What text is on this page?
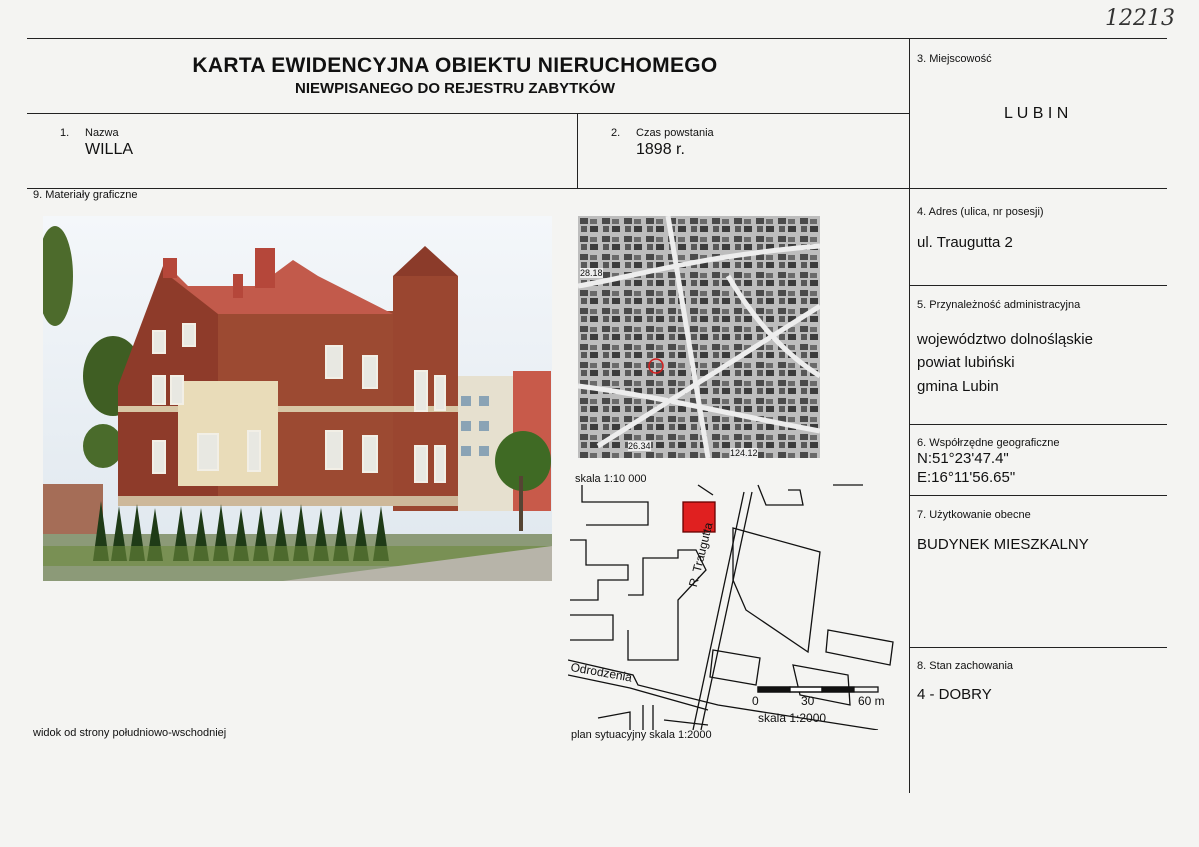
12213
KARTA EWIDENCYJNA OBIEKTU NIERUCHOMEGO
NIEWPISANEGO DO REJESTRU ZABYTKÓW
1. Nazwa
WILLA
2. Czas powstania
1898 r.
3. Miejscowość
L U B I N
4. Adres (ulica, nr posesji)
ul. Traugutta 2
5. Przynależność administracyjna
województwo dolnośląskie
powiat lubiński
gmina Lubin
6. Współrzędne geograficzne
N:51°23'47.4"
E:16°11'56.65"
7. Użytkowanie obecne
BUDYNEK MIESZKALNY
8. Stan zachowania
4 - DOBRY
9. Materiały graficzne
widok od strony południowo-wschodniej
28.18
26.34
124.12
skala 1:10 000
R. Traugutta
Odrodzenia
0	30	60 m
skala 1:2000
plan sytuacyjny skala 1:2000
